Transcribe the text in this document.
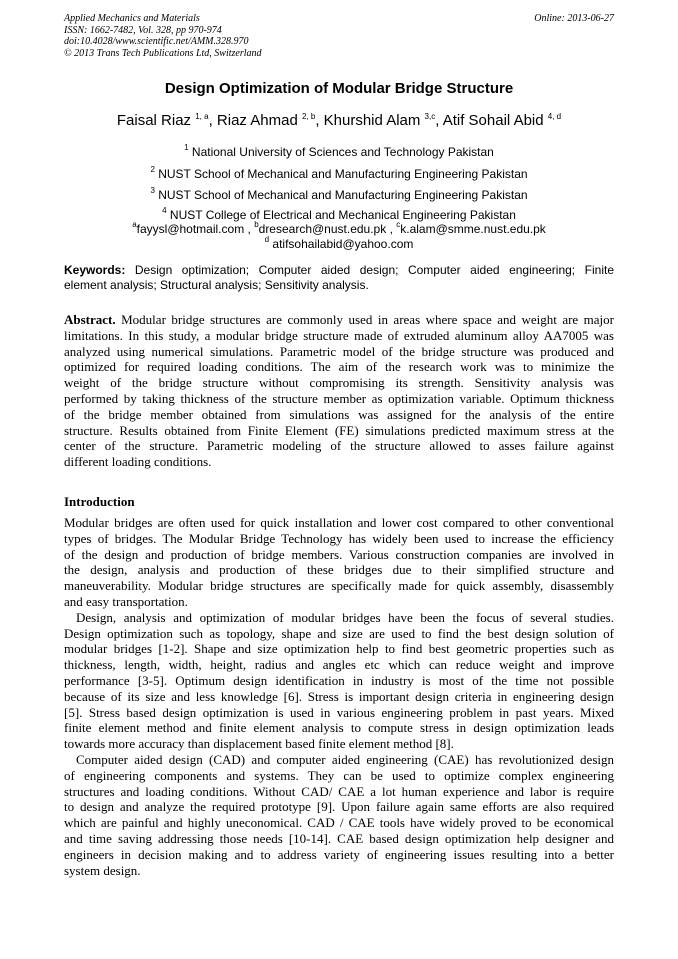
Applied Mechanics and Materials
ISSN: 1662-7482, Vol. 328, pp 970-974
doi:10.4028/www.scientific.net/AMM.328.970
© 2013 Trans Tech Publications Ltd, Switzerland
Online: 2013-06-27
Design Optimization of Modular Bridge Structure
Faisal Riaz $^{1, a}$, Riaz Ahmad $^{2, b}$, Khurshid Alam $^{3,c}$, Atif Sohail Abid $^{4, d}$
$^1$ National University of Sciences and Technology Pakistan
$^2$ NUST School of Mechanical and Manufacturing Engineering Pakistan
$^3$ NUST School of Mechanical and Manufacturing Engineering Pakistan
$^4$ NUST College of Electrical and Mechanical Engineering Pakistan
$^a$fayysl@hotmail.com , $^b$dresearch@nust.edu.pk , $^c$k.alam@smme.nust.edu.pk
$^d$ atifsohailabid@yahoo.com
Keywords: Design optimization; Computer aided design; Computer aided engineering; Finite
element analysis; Structural analysis; Sensitivity analysis.
Abstract. Modular bridge structures are commonly used in areas where space and weight are major
limitations. In this study, a modular bridge structure made of extruded aluminum alloy AA7005 was
analyzed using numerical simulations. Parametric model of the bridge structure was produced and
optimized for required loading conditions. The aim of the research work was to minimize the
weight of the bridge structure without compromising its strength. Sensitivity analysis was
performed by taking thickness of the structure member as optimization variable. Optimum thickness
of the bridge member obtained from simulations was assigned for the analysis of the entire
structure. Results obtained from Finite Element (FE) simulations predicted maximum stress at the
center of the structure. Parametric modeling of the structure allowed to asses failure against
different loading conditions.
Introduction
Modular bridges are often used for quick installation and lower cost compared to other conventional
types of bridges. The Modular Bridge Technology has widely been used to increase the efficiency
of the design and production of bridge members. Various construction companies are involved in
the design, analysis and production of these bridges due to their simplified structure and
maneuverability. Modular bridge structures are specifically made for quick assembly, disassembly
and easy transportation.
Design, analysis and optimization of modular bridges have been the focus of several studies.
Design optimization such as topology, shape and size are used to find the best design solution of
modular bridges [1-2]. Shape and size optimization help to find best geometric properties such as
thickness, length, width, height, radius and angles etc which can reduce weight and improve
performance [3-5]. Optimum design identification in industry is most of the time not possible
because of its size and less knowledge [6]. Stress is important design criteria in engineering design
[5]. Stress based design optimization is used in various engineering problem in past years. Mixed
finite element method and finite element analysis to compute stress in design optimization leads
towards more accuracy than displacement based finite element method [8].
Computer aided design (CAD) and computer aided engineering (CAE) has revolutionized design
of engineering components and systems. They can be used to optimize complex engineering
structures and loading conditions. Without CAD/ CAE a lot human experience and labor is require
to design and analyze the required prototype [9]. Upon failure again same efforts are also required
which are painful and highly uneconomical. CAD / CAE tools have widely proved to be economical
and time saving addressing those needs [10-14]. CAE based design optimization help designer and
engineers in decision making and to address variety of engineering issues resulting into a better
system design.
